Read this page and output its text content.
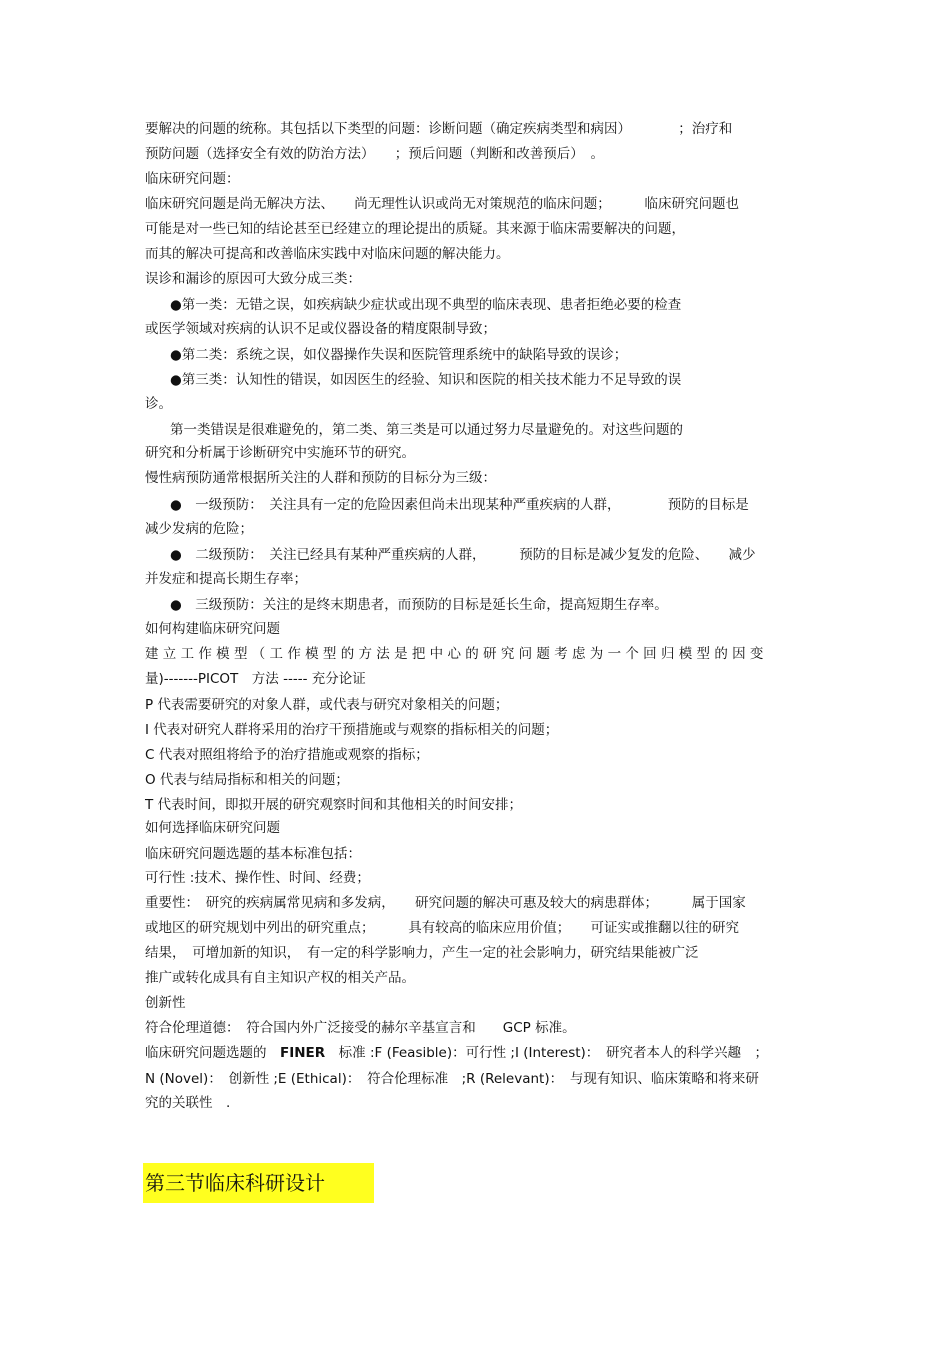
要解决的问题的统称。其包括以下类型的问题：诊断问题（确定疾病类型和病因）　　　　；治疗和
预防问题（选择安全有效的防治方法）　　；预后问题（判断和改善预后）　。
临床研究问题：
临床研究问题是尚无解决方法、　　尚无理性认识或尚无对策规范的临床问题；　　　临床研究问题也
可能是对一些已知的结论甚至已经建立的理论提出的质疑。其来源于临床需要解决的问题，
而其的解决可提高和改善临床实践中对临床问题的解决能力。
误诊和漏诊的原因可大致分成三类：
●第一类：无错之误，如疾病缺少症状或出现不典型的临床表现、患者拒绝必要的检查
或医学领域对疾病的认识不足或仪器设备的精度限制导致；
●第二类：系统之误，如仪器操作失误和医院管理系统中的缺陷导致的误诊；
●第三类：认知性的错误，如因医生的经验、知识和医院的相关技术能力不足导致的误
诊。
第一类错误是很难避免的，第二类、第三类是可以通过努力尽量避免的。对这些问题的
研究和分析属于诊断研究中实施环节的研究。
慢性病预防通常根据所关注的人群和预防的目标分为三级：
●　一级预防：　关注具有一定的危险因素但尚未出现某种严重疾病的人群，　　　　预防的目标是
减少发病的危险；
●　二级预防：　关注已经具有某种严重疾病的人群，　　　预防的目标是减少复发的危险、　　减少
并发症和提高长期生存率；
●　三级预防：关注的是终末期患者，而预防的目标是延长生命，提高短期生存率。
如何构建临床研究问题
建 立 工 作 模 型 （ 工 作 模 型 的 方 法 是 把 中 心 的 研 究 问 题 考 虑 为 一 个 回 归 模 型 的 因 变
量)-------PICOT　方法 ----- 充分论证
P 代表需要研究的对象人群，或代表与研究对象相关的问题；
I 代表对研究人群将采用的治疗干预措施或与观察的指标相关的问题；
C 代表对照组将给予的治疗措施或观察的指标；
O 代表与结局指标和相关的问题；
T 代表时间，即拟开展的研究观察时间和其他相关的时间安排；
如何选择临床研究问题
临床研究问题选题的基本标准包括：
可行性 :技术、操作性、时间、经费；
重要性：　研究的疾病属常见病和多发病，　　研究问题的解决可惠及较大的病患群体；　　　属于国家
或地区的研究规划中列出的研究重点；　　　具有较高的临床应用价值；　　可证实或推翻以往的研究
结果，　可增加新的知识，　有一定的科学影响力，产生一定的社会影响力，研究结果能被广泛
推广或转化成具有自主知识产权的相关产品。
创新性
符合伦理道德：　符合国内外广泛接受的赫尔辛基宣言和　　GCP 标准。
临床研究问题选题的　FINER　标准 :F (Feasible)：可行性 ;I (Interest)：　研究者本人的科学兴趣　；
N (Novel)：　创新性 ;E (Ethical)：　符合伦理标准　;R (Relevant)：　与现有知识、临床策略和将来研
究的关联性　.
第三节临床科研设计
